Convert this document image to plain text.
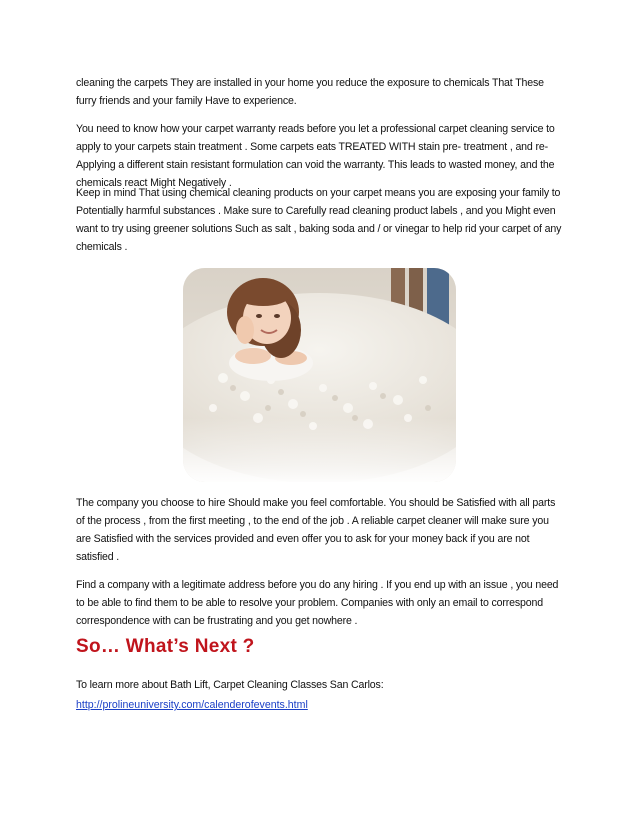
cleaning the carpets They are installed in your home you reduce the exposure to chemicals That These furry friends and your family Have to experience.

You need to know how your carpet warranty reads before you let a professional carpet cleaning service to apply to your carpets stain treatment . Some carpets eats TREATED WITH stain pre- treatment , and re- Applying a different stain resistant formulation can void the warranty. This leads to wasted money, and the chemicals react Might Negatively .

Keep in mind That using chemical cleaning products on your carpet means you are exposing your family to Potentially harmful substances . Make sure to Carefully read cleaning product labels , and you Might even want to try using greener solutions Such as salt , baking soda and / or vinegar to help rid your carpet of any chemicals .

The company you choose to hire Should make you feel comfortable. You should be Satisfied with all parts of the process , from the first meeting , to the end of the job . A reliable carpet cleaner will make sure you are Satisfied with the services provided and even offer you to ask for your money back if you are not satisfied .

Find a company with a legitimate address before you do any hiring . If you end up with an issue , you need to be able to find them to be able to resolve your problem. Companies with only an email to correspond correspondence with can be frustrating and you get nowhere .

So… What’s Next ?

To learn more about Bath Lift, Carpet Cleaning Classes San Carlos:

http://prolineuniversity.com/calenderofevents.html
